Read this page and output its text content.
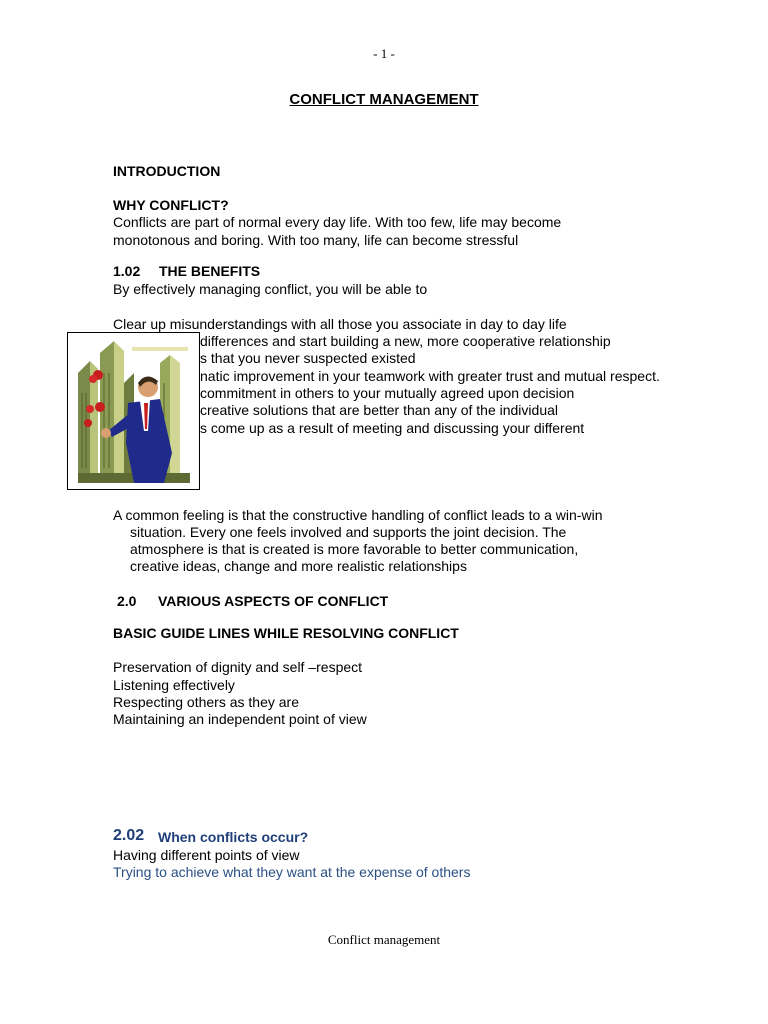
- 1 -
CONFLICT MANAGEMENT
INTRODUCTION
WHY CONFLICT?
Conflicts are part of normal every day life. With too few, life may become
monotonous and boring. With too many, life can become stressful
1.02 THE BENEFITS
By effectively managing conflict, you will be able to
Clear up misunderstandings with all those you associate in day to day life
differences and start building a new, more cooperative relationship
s that you never suspected existed
natic improvement in your teamwork with greater trust and mutual respect.
commitment in others to your mutually agreed upon decision
creative solutions that are better than any of the individual
s come up as a result of meeting and discussing your different
A common feeling is that the constructive handling of conflict leads to a win-win
situation. Every one feels involved and supports the joint decision. The
atmosphere is that is created is more favorable to better communication,
creative ideas, change and more realistic relationships
2.0 VARIOUS ASPECTS OF CONFLICT
BASIC GUIDE LINES WHILE RESOLVING CONFLICT
Preservation of dignity and self –respect
Listening effectively
Respecting others as they are
Maintaining an independent point of view
2.02 When conflicts occur?
Having different points of view
Trying to achieve what they want at the expense of others
Conflict management
